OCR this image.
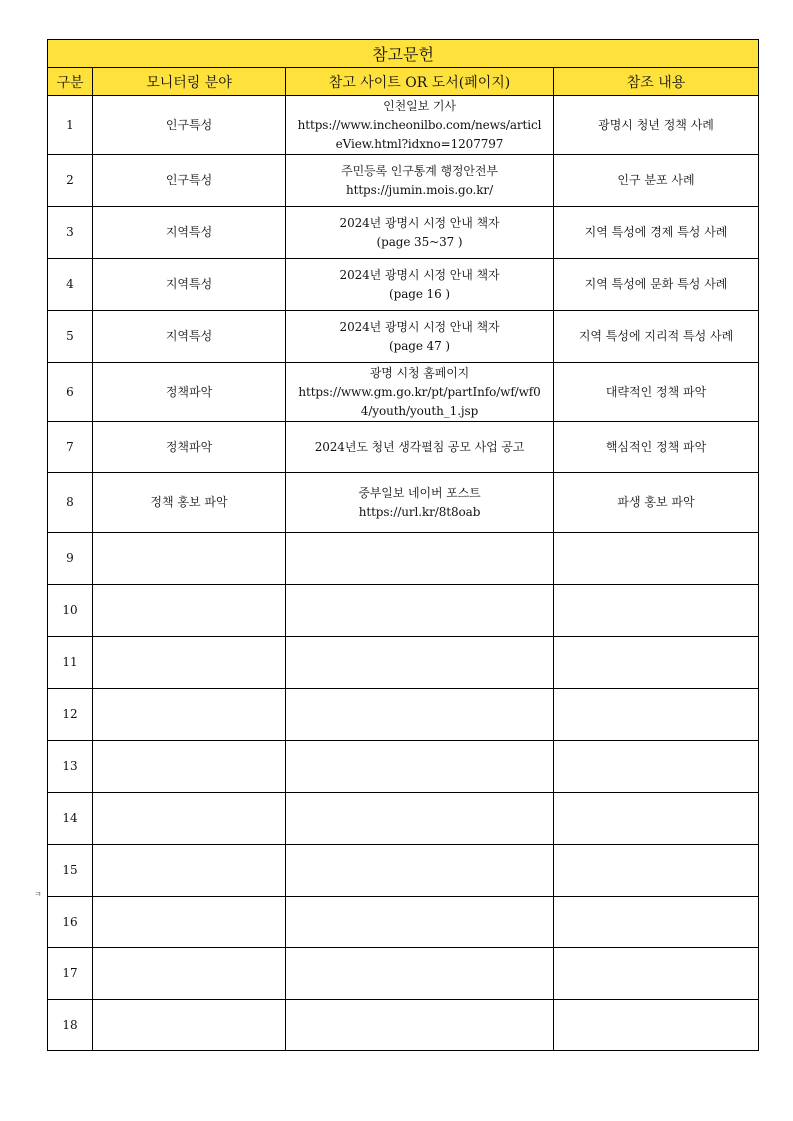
참고문헌			
구분	모니터링 분야	참고 사이트 OR 도서(페이지)	참조 내용
1	인구특성	인천일보 기사
https://www.incheonilbo.com/news/articl
eView.html?idxno=1207797	광명시 청년 정책 사례
2	인구특성	주민등록 인구통계 행정안전부
https://jumin.mois.go.kr/	인구 분포 사례
3	지역특성	2024년 광명시 시정 안내 책자
(page 35~37 )	지역 특성에 경제 특성 사례
4	지역특성	2024년 광명시 시정 안내 책자
(page 16 )	지역 특성에 문화 특성 사례
5	지역특성	2024년 광명시 시정 안내 책자
(page 47 )	지역 특성에 지리적 특성 사례
6	정책파악	광명 시청 홈페이지
https://www.gm.go.kr/pt/partInfo/wf/wf0
4/youth/youth_1.jsp	대략적인 정책 파악
7	정책파악	2024년도 청년 생각펼침 공모 사업 공고	핵심적인 정책 파악
8	정책 홍보 파악	중부일보 네이버 포스트
https://url.kr/8t8oab	파생 홍보 파악
9			
10			
11			
12			
13			
14			
15			
16			
17			
18			
ㅋ
